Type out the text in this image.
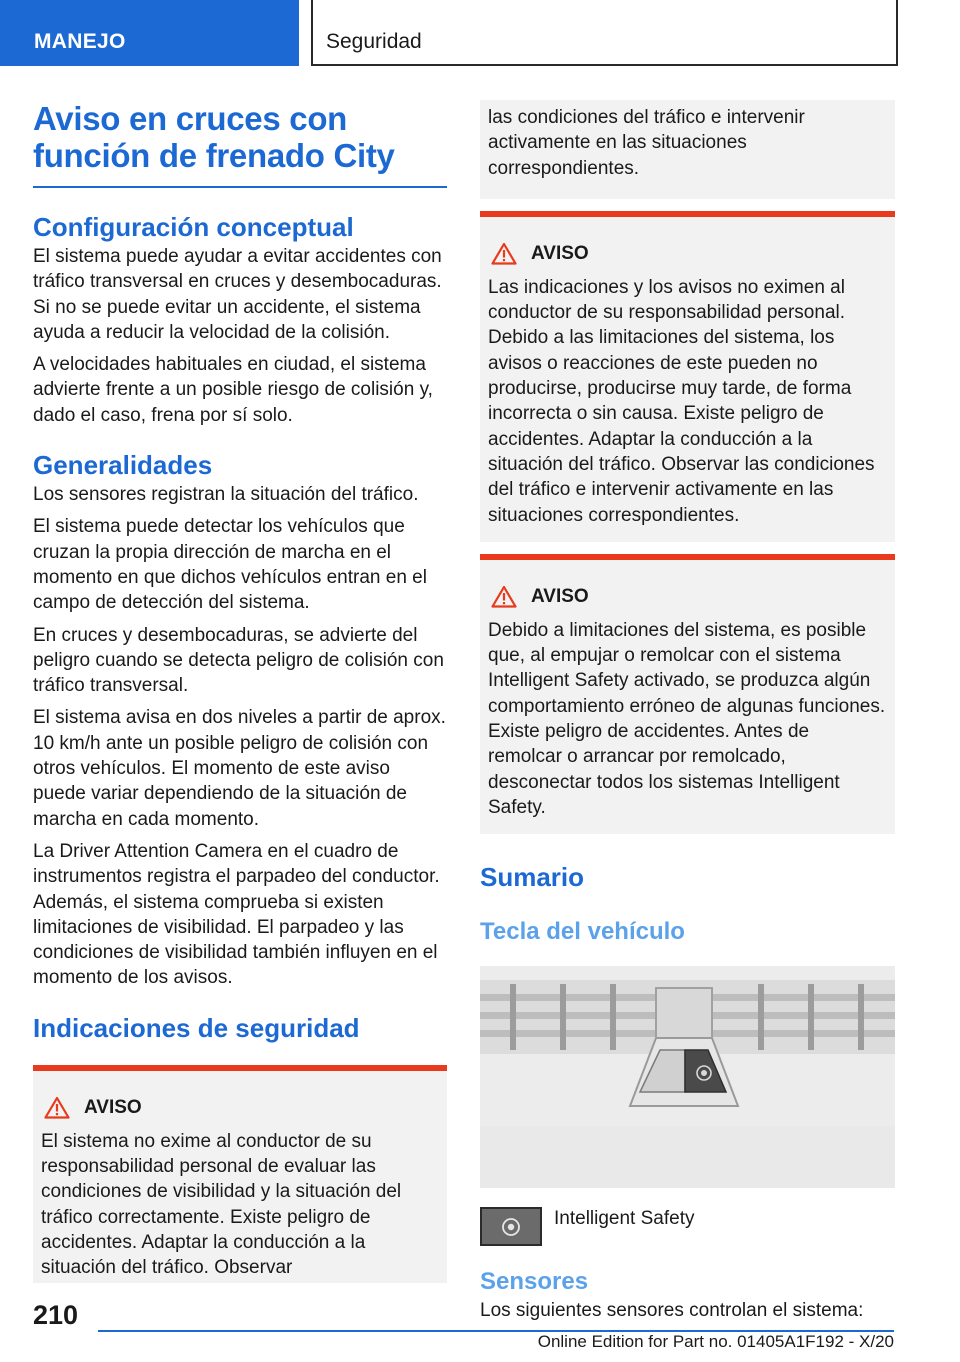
MANEJO	Seguridad
Aviso en cruces con función de frenado City
Configuración conceptual

El sistema puede ayudar a evitar accidentes con tráfico transversal en cruces y desembocaduras. Si no se puede evitar un accidente, el sistema ayuda a reducir la velocidad de la colisión.

A velocidades habituales en ciudad, el sistema advierte frente a un posible riesgo de colisión y, dado el caso, frena por sí solo.

Generalidades

Los sensores registran la situación del tráfico.

El sistema puede detectar los vehículos que cruzan la propia dirección de marcha en el momento en que dichos vehículos entran en el campo de detección del sistema.

En cruces y desembocaduras, se advierte del peligro cuando se detecta peligro de colisión con tráfico transversal.

El sistema avisa en dos niveles a partir de aprox. 10 km/h ante un posible peligro de colisión con otros vehículos. El momento de este aviso puede variar dependiendo de la situación de marcha en cada momento.

La Driver Attention Camera en el cuadro de instrumentos registra el parpadeo del conductor. Además, el sistema comprueba si existen limitaciones de visibilidad. El parpadeo y las condiciones de visibilidad también influyen en el momento de los avisos.

Indicaciones de seguridad
AVISO

El sistema no exime al conductor de su responsabilidad personal de evaluar las condiciones de visibilidad y la situación del tráfico correctamente. Existe peligro de accidentes. Adaptar la conducción a la situación del tráfico. Observar

las condiciones del tráfico e intervenir activamente en las situaciones correspondientes.

AVISO

Las indicaciones y los avisos no eximen al conductor de su responsabilidad personal. Debido a las limitaciones del sistema, los avisos o reacciones de este pueden no producirse, producirse muy tarde, de forma incorrecta o sin causa. Existe peligro de accidentes. Adaptar la conducción a la situación del tráfico. Observar las condiciones del tráfico e intervenir activamente en las situaciones correspondientes.

AVISO

Debido a limitaciones del sistema, es posible que, al empujar o remolcar con el sistema Intelligent Safety activado, se produzca algún comportamiento erróneo de algunas funciones. Existe peligro de accidentes. Antes de remolcar o arrancar por remolcado, desconectar todos los sistemas Intelligent Safety.

Sumario
Tecla del vehículo

Intelligent Safety

Sensores

Los siguientes sensores controlan el sistema:

210
Online Edition for Part no. 01405A1F192 - X/20
